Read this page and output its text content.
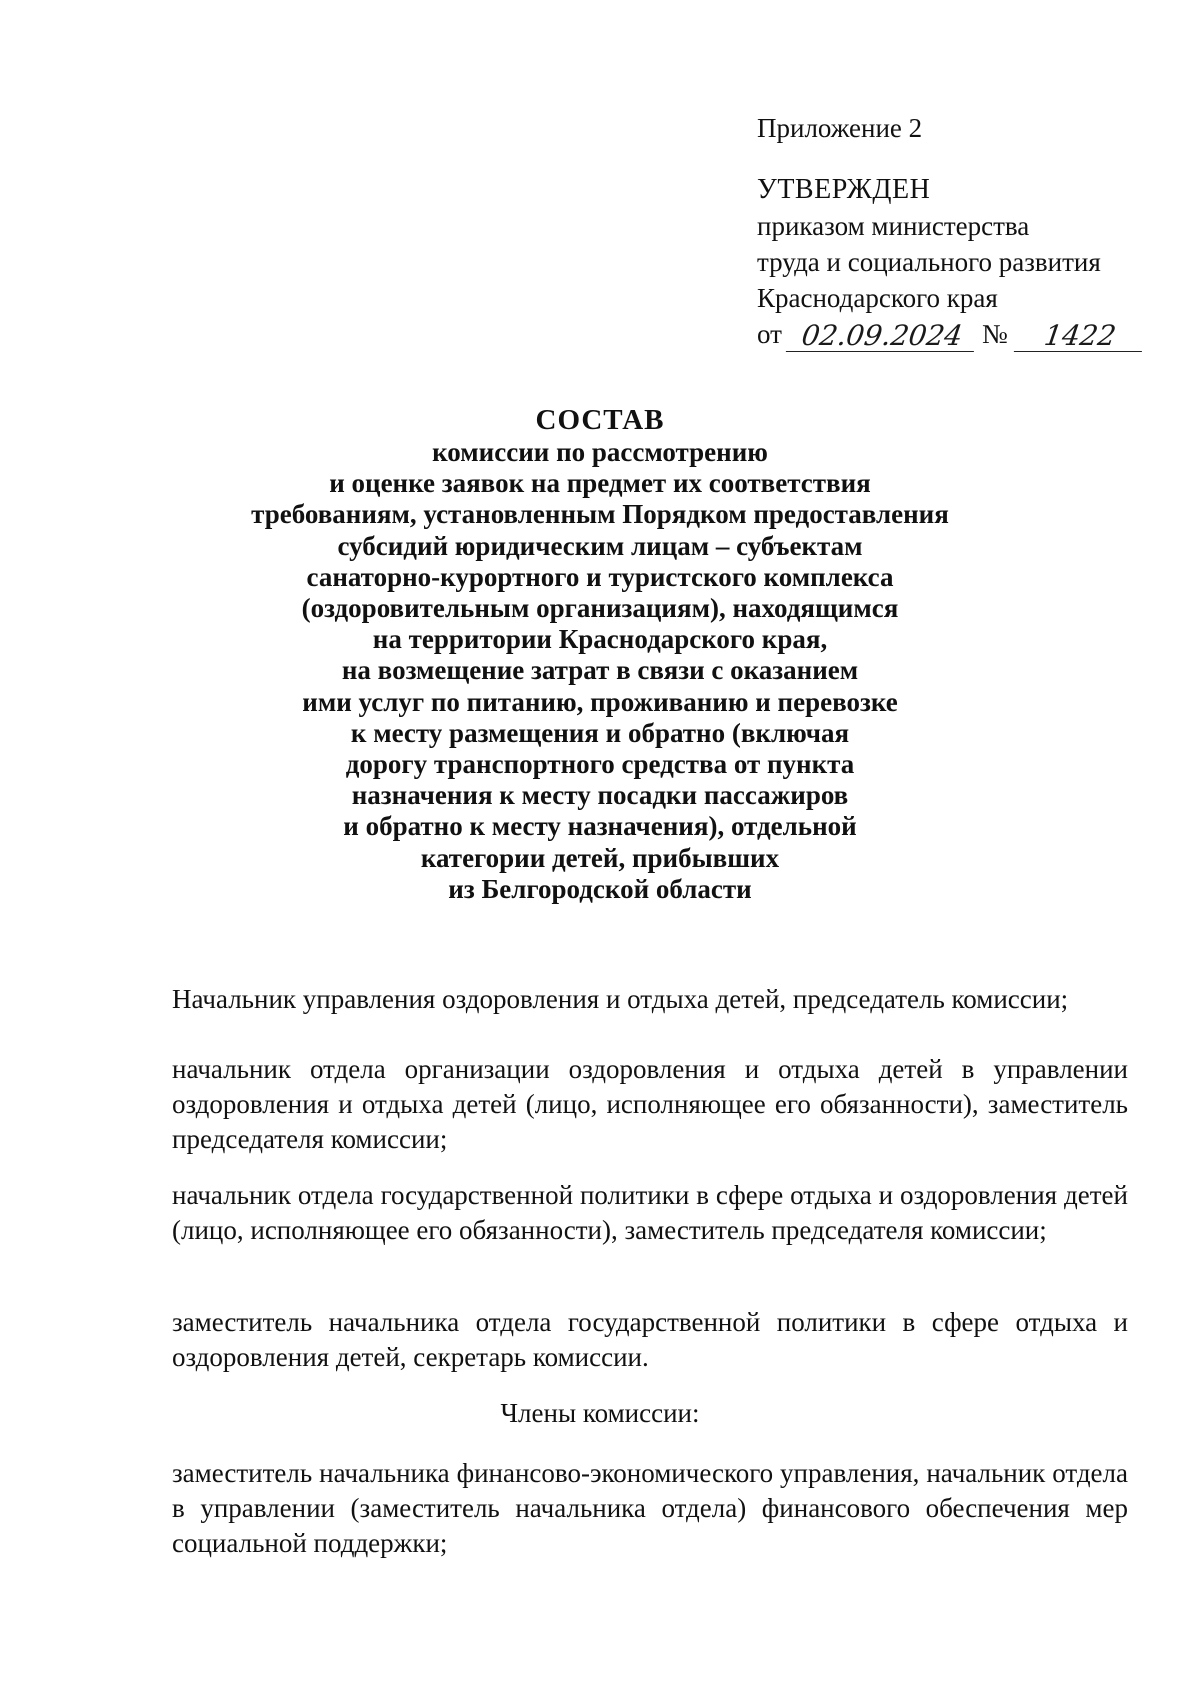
Приложение 2
УТВЕРЖДЕН
приказом министерства
труда и социального развития
Краснодарского края
от 02.09.2024 №	1422
СОСТАВ
комиссии по рассмотрению
и оценке заявок на предмет их соответствия
требованиям, установленным Порядком предоставления
субсидий юридическим лицам – субъектам
санаторно-курортного и туристского комплекса
(оздоровительным организациям), находящимся
на территории Краснодарского края,
на возмещение затрат в связи с оказанием
ими услуг по питанию, проживанию и перевозке
к месту размещения и обратно (включая
дорогу транспортного средства от пункта
назначения к месту посадки пассажиров
и обратно к месту назначения), отдельной
категории детей, прибывших
из Белгородской области

Начальник управления оздоровления и отдыха детей, председатель комиссии;

начальник отдела организации оздоровления и отдыха детей в управлении оздоровления и отдыха детей (лицо, исполняющее его обязанности), заместитель председателя комиссии;

начальник отдела государственной политики в сфере отдыха и оздоровления детей (лицо, исполняющее его обязанности), заместитель председателя комиссии;

заместитель начальника отдела государственной политики в сфере отдыха и оздоровления детей, секретарь комиссии.

Члены комиссии:

заместитель начальника финансово-экономического управления, начальник отдела в управлении (заместитель начальника отдела) финансового обеспечения мер социальной поддержки;
